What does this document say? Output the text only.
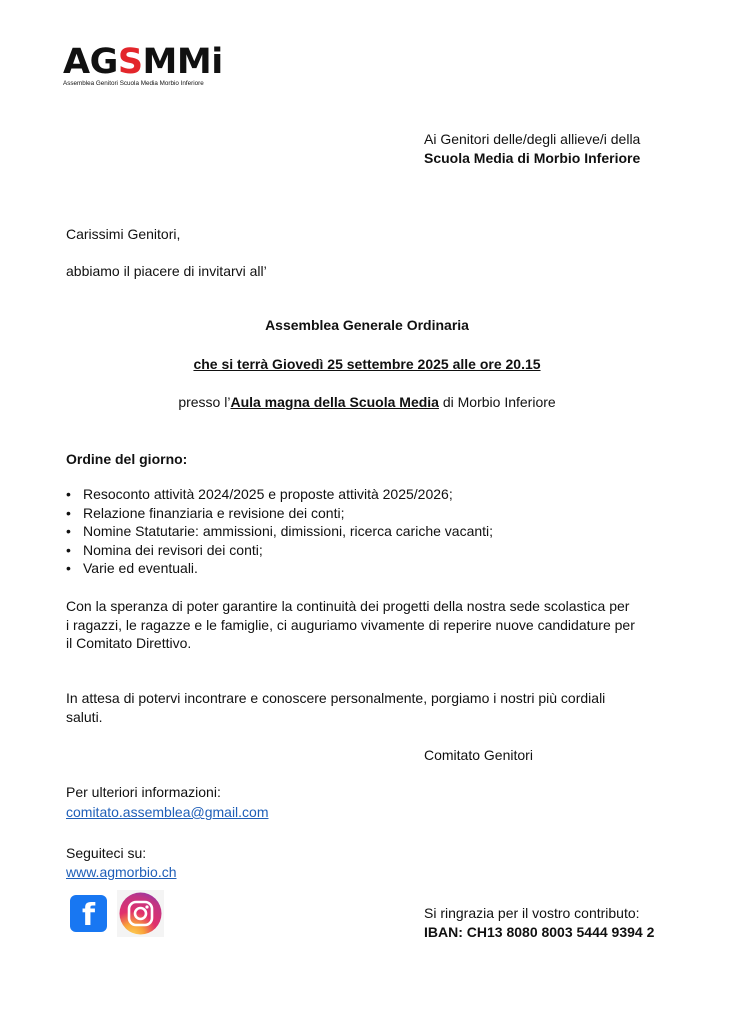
AGSMMi
Assemblea Genitori Scuola Media Morbio Inferiore
Ai Genitori delle/degli allieve/i della
Scuola Media di Morbio Inferiore
Carissimi Genitori,
abbiamo il piacere di invitarvi all’
Assemblea Generale Ordinaria
che si terrà Giovedì 25 settembre 2025 alle ore 20.15
presso l’Aula magna della Scuola Media di Morbio Inferiore
Ordine del giorno:
• Resoconto attività 2024/2025 e proposte attività 2025/2026;
• Relazione finanziaria e revisione dei conti;
• Nomine Statutarie: ammissioni, dimissioni, ricerca cariche vacanti;
• Nomina dei revisori dei conti;
• Varie ed eventuali.
Con la speranza di poter garantire la continuità dei progetti della nostra sede scolastica per
i ragazzi, le ragazze e le famiglie, ci auguriamo vivamente di reperire nuove candidature per
il Comitato Direttivo.
In attesa di potervi incontrare e conoscere personalmente, porgiamo i nostri più cordiali
saluti.
Comitato Genitori
Per ulteriori informazioni:
comitato.assemblea@gmail.com
Seguiteci su:
www.agmorbio.ch
f	Si ringrazia per il vostro contributo:
IBAN: CH13 8080 8003 5444 9394 2
